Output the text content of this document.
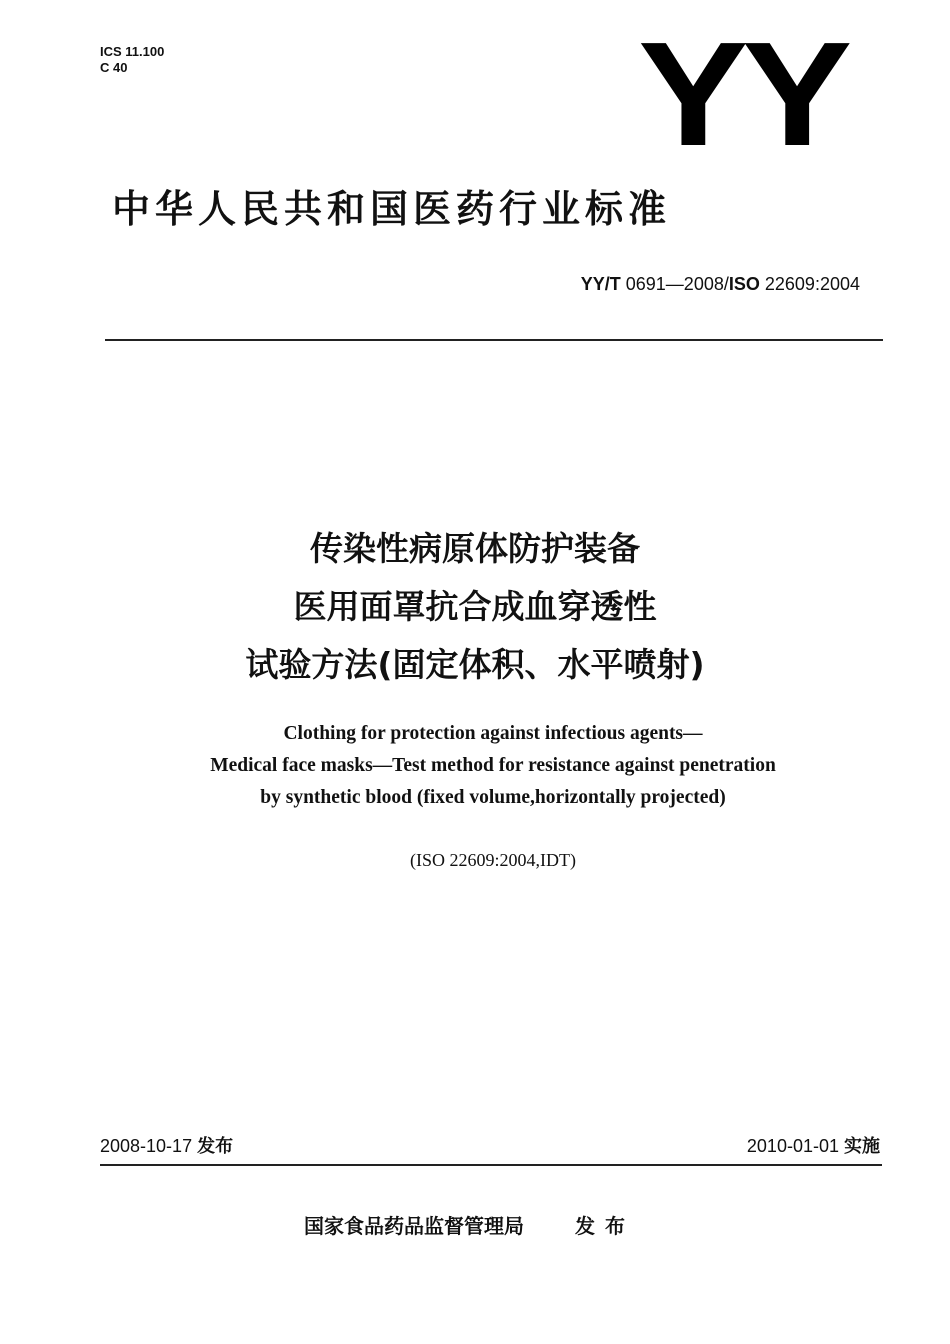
ICS 11.100
C 40	YY
中华人民共和国医药行业标准
YY/T 0691—2008/ISO 22609:2004
传染性病原体防护装备
医用面罩抗合成血穿透性
试验方法(固定体积、水平喷射)
Clothing for protection against infectious agents—
Medical face masks—Test method for resistance against penetration
by synthetic blood (fixed volume,horizontally projected)
(ISO 22609:2004,IDT)
2008-10-17 发布	2010-01-01 实施
国家食品药品监督管理局	发布
